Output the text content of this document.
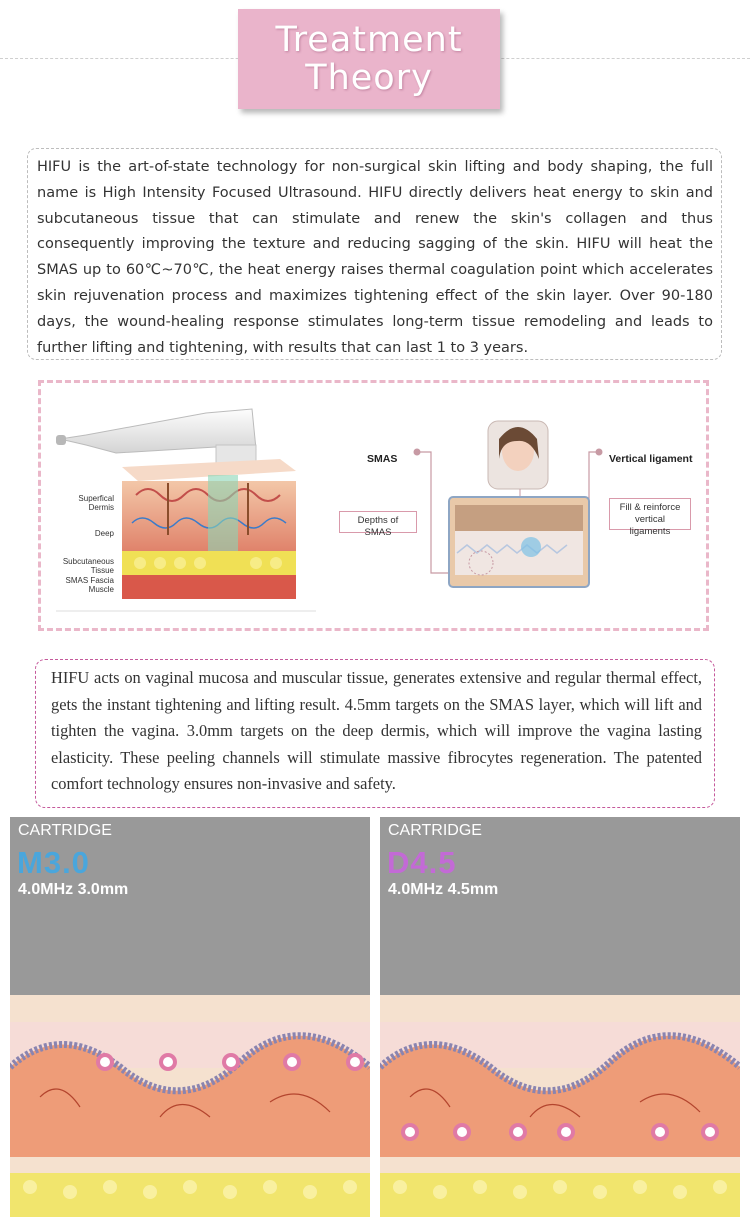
Treatment
Theory

HIFU is the art-of-state technology for non-surgical skin lifting and body shaping, the full name is High Intensity Focused Ultrasound. HIFU directly delivers heat energy to skin and subcutaneous tissue that can stimulate and renew the skin's collagen and thus consequently improving the texture and reducing sagging of the skin. HIFU will heat the SMAS up to 60℃~70℃, the heat energy raises thermal coagulation point which accelerates skin rejuvenation process and maximizes tightening effect of the skin layer. Over 90-180 days, the wound-healing response stimulates long-term tissue remodeling and leads to further lifting and tightening, with results that can last 1 to 3 years.

Superfical Dermis
Deep
Subcutaneous Tissue
SMAS Fascia Muscle
SMAS	Vertical ligament
Depths of SMAS
Fill & reinforce vertical ligaments

HIFU acts on vaginal mucosa and muscular tissue, generates extensive and regular thermal effect, gets the instant tightening and lifting result. 4.5mm targets on the SMAS layer, which will lift and tighten the vagina. 3.0mm targets on the deep dermis, which will improve the vagina lasting elasticity. These peeling channels will stimulate massive fibrocytes regeneration. The patented comfort technology ensures non-invasive and safety.

CARTRIDGE
M3.0
4.0MHz 3.0mm
CARTRIDGE
D4.5
4.0MHz 4.5mm
